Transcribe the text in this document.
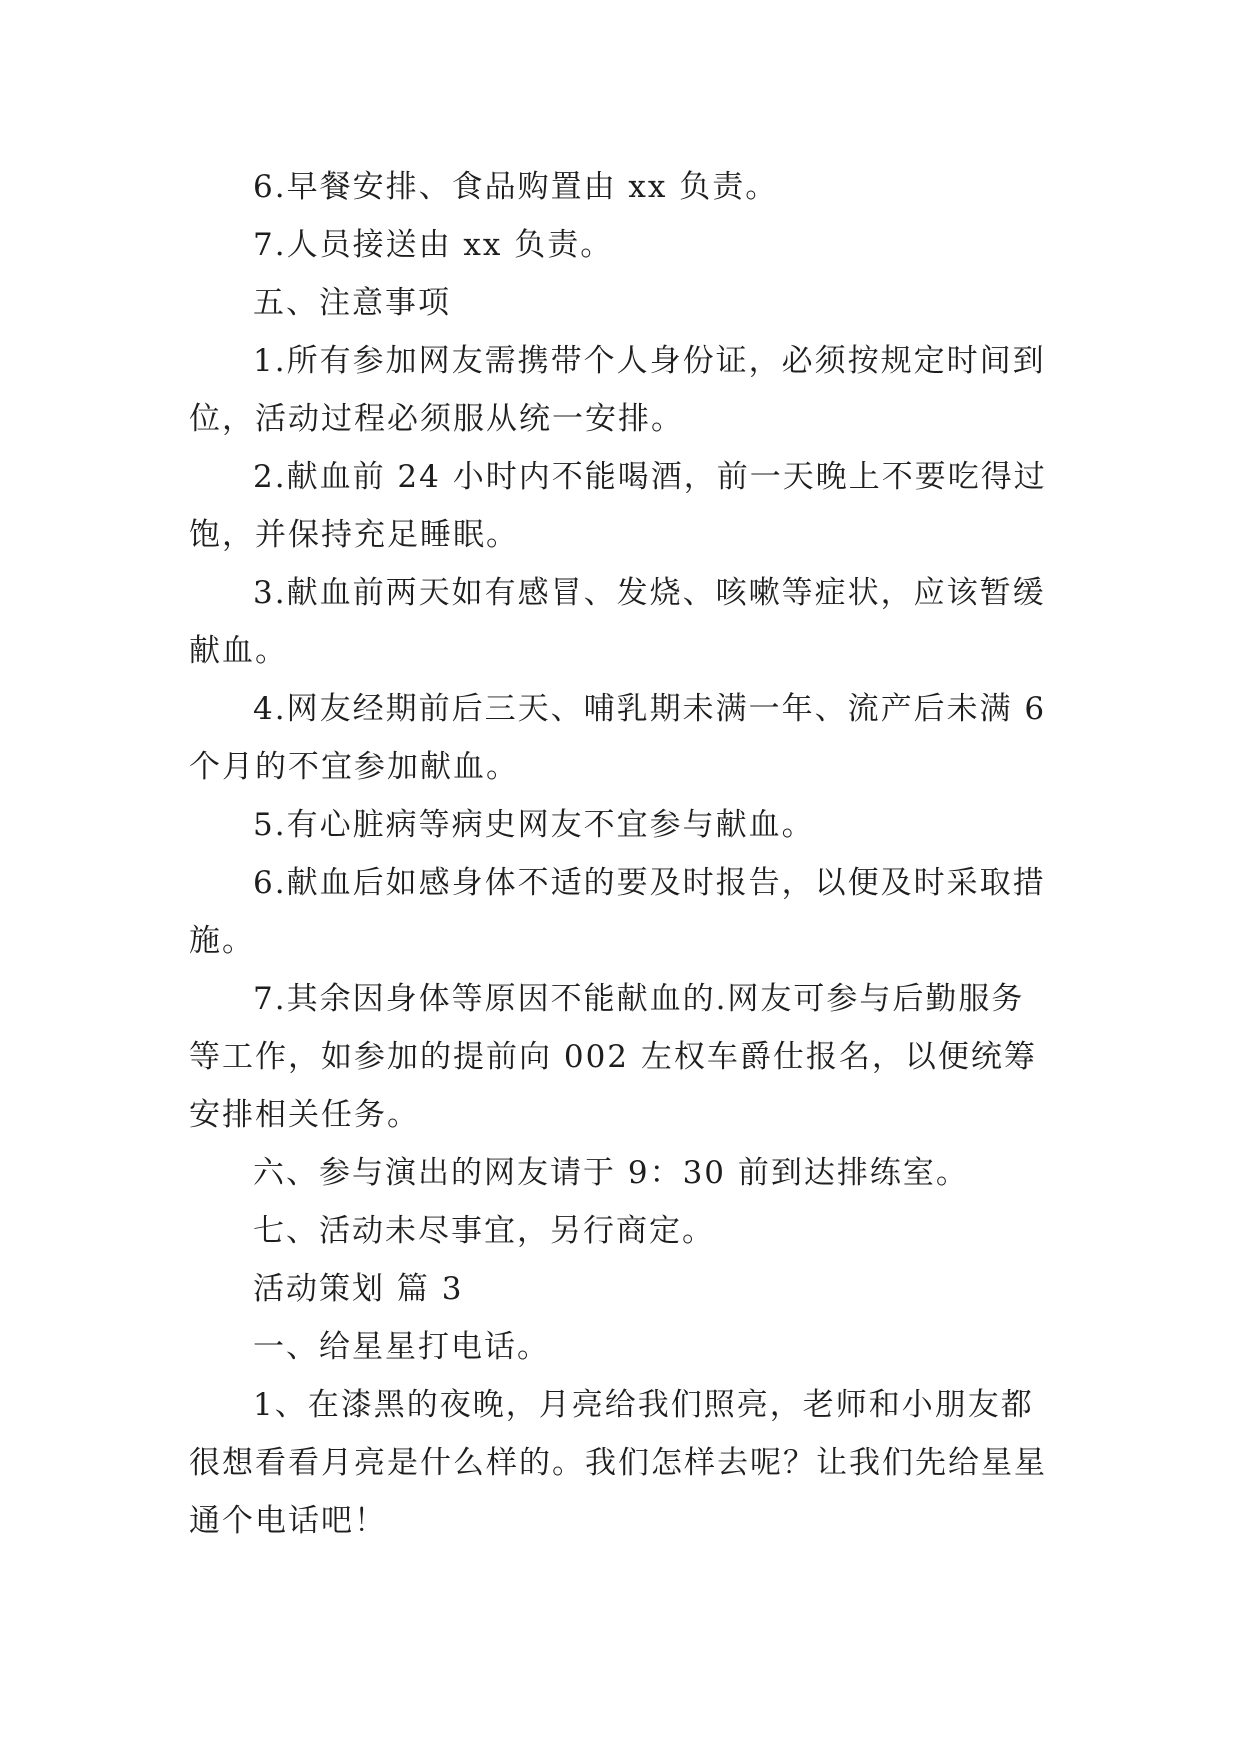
6.早餐安排、食品购置由 xx 负责。

7.人员接送由 xx 负责。

五、注意事项

1.所有参加网友需携带个人身份证，必须按规定时间到位，活动过程必须服从统一安排。

2.献血前 24 小时内不能喝酒，前一天晚上不要吃得过饱，并保持充足睡眠。

3.献血前两天如有感冒、发烧、咳嗽等症状，应该暂缓献血。

4.网友经期前后三天、哺乳期未满一年、流产后未满 6 个月的不宜参加献血。

5.有心脏病等病史网友不宜参与献血。

6.献血后如感身体不适的要及时报告，以便及时采取措施。

7.其余因身体等原因不能献血的.网友可参与后勤服务等工作，如参加的提前向 002 左权车爵仕报名，以便统筹安排相关任务。

六、参与演出的网友请于 9：30 前到达排练室。

七、活动未尽事宜，另行商定。

活动策划 篇 3

一、给星星打电话。

1、在漆黑的夜晚，月亮给我们照亮，老师和小朋友都很想看看月亮是什么样的。我们怎样去呢？让我们先给星星通个电话吧！
